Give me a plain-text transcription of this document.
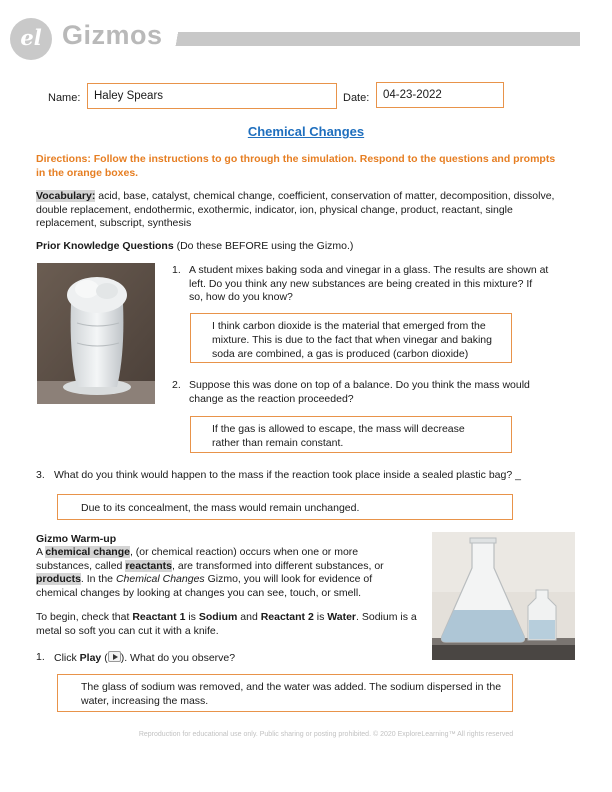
el Gizmos
Name:	Haley Spears	Date:	04-23-2022
Chemical Changes
Directions: Follow the instructions to go through the simulation. Respond to the questions and prompts in the orange boxes.
Vocabulary: acid, base, catalyst, chemical change, coefficient, conservation of matter, decomposition, dissolve, double replacement, endothermic, exothermic, indicator, ion, physical change, product, reactant, single replacement, subscript, synthesis
Prior Knowledge Questions (Do these BEFORE using the Gizmo.)
1. A student mixes baking soda and vinegar in a glass. The results are shown at left. Do you think any new substances are being created in this mixture? If so, how do you know?
I think carbon dioxide is the material that emerged from the mixture. This is due to the fact that when vinegar and baking soda are combined, a gas is produced (carbon dioxide)
2. Suppose this was done on top of a balance. Do you think the mass would change as the reaction proceeded?
If the gas is allowed to escape, the mass will decrease rather than remain constant.
3. What do you think would happen to the mass if the reaction took place inside a sealed plastic bag? _
Due to its concealment, the mass would remain unchanged.
Gizmo Warm-up
A chemical change, (or chemical reaction) occurs when one or more substances, called reactants, are transformed into different substances, or products. In the Chemical Changes Gizmo, you will look for evidence of chemical changes by looking at changes you can see, touch, or smell.
To begin, check that Reactant 1 is Sodium and Reactant 2 is Water. Sodium is a metal so soft you can cut it with a knife.
1. Click Play ( ). What do you observe?
The glass of sodium was removed, and the water was added. The sodium dispersed in the water, increasing the mass.
Reproduction for educational use only. Public sharing or posting prohibited. © 2020 ExploreLearning™ All rights reserved
